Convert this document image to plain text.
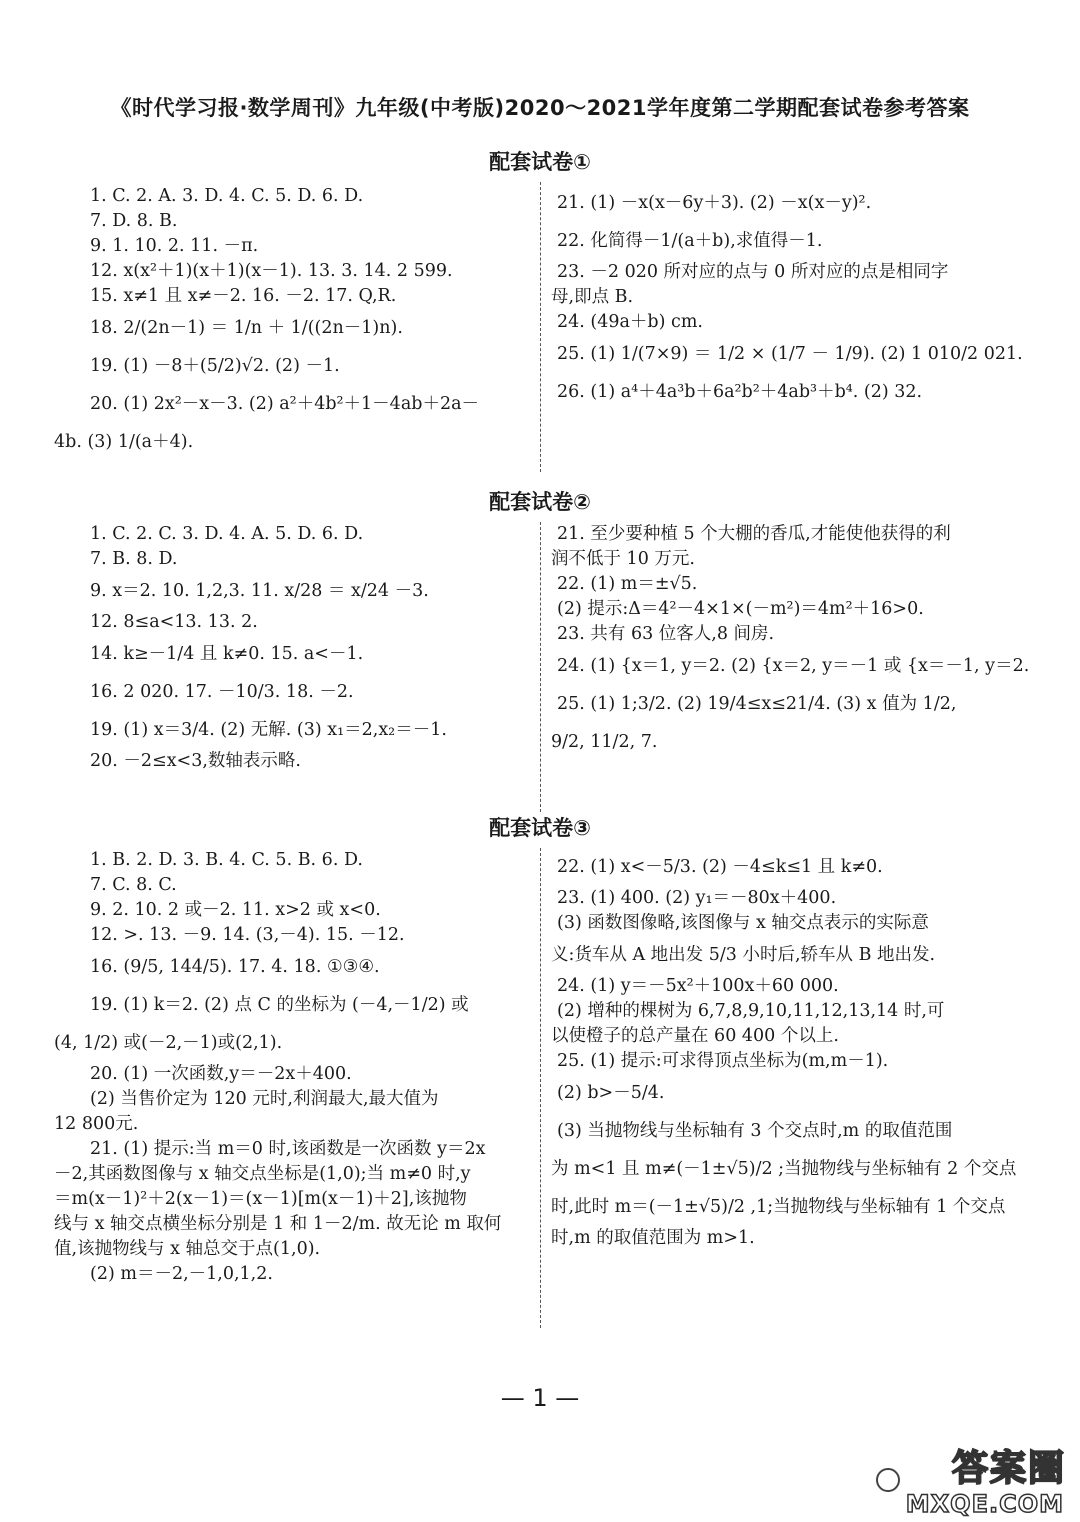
《时代学习报·数学周刊》九年级(中考版)2020～2021学年度第二学期配套试卷参考答案
配套试卷①

1. C. 2. A. 3. D. 4. C. 5. D. 6. D.

7. D. 8. B.

9. 1. 10. 2. 11. －π.

12. x(x²＋1)(x＋1)(x－1). 13. 3. 14. 2 599.

15. x≠1 且 x≠－2. 16. －2. 17. Q,R.

18. 2/(2n－1) ＝ 1/n ＋ 1/((2n－1)n).

19. (1) －8＋(5/2)√2. (2) －1.

20. (1) 2x²－x－3. (2) a²＋4b²＋1－4ab＋2a－

4b. (3) 1/(a＋4).

21. (1) －x(x－6y＋3). (2) －x(x－y)².

22. 化简得－1/(a＋b),求值得－1.

23. －2 020 所对应的点与 0 所对应的点是相同字

母,即点 B.

24. (49a＋b) cm.

25. (1) 1/(7×9) ＝ 1/2 × (1/7 － 1/9). (2) 1 010/2 021.

26. (1) a⁴＋4a³b＋6a²b²＋4ab³＋b⁴. (2) 32.

配套试卷②

1. C. 2. C. 3. D. 4. A. 5. D. 6. D.

7. B. 8. D.

9. x＝2. 10. 1,2,3. 11. x/28 ＝ x/24 －3.

12. 8≤a<13. 13. 2.

14. k≥－1/4 且 k≠0. 15. a<－1.

16. 2 020. 17. －10/3. 18. －2.

19. (1) x＝3/4. (2) 无解. (3) x₁＝2,x₂＝－1.

20. －2≤x<3,数轴表示略.

21. 至少要种植 5 个大棚的香瓜,才能使他获得的利

润不低于 10 万元.

22. (1) m＝±√5.

(2) 提示:Δ＝4²－4×1×(－m²)＝4m²＋16>0.

23. 共有 63 位客人,8 间房.

24. (1) {x＝1, y＝2. (2) {x＝2, y＝－1 或 {x＝－1, y＝2.

25. (1) 1;3/2. (2) 19/4≤x≤21/4. (3) x 值为 1/2,

9/2, 11/2, 7.

配套试卷③

1. B. 2. D. 3. B. 4. C. 5. B. 6. D.

7. C. 8. C.

9. 2. 10. 2 或－2. 11. x>2 或 x<0.

12. >. 13. －9. 14. (3,－4). 15. －12.

16. (9/5, 144/5). 17. 4. 18. ①③④.

19. (1) k＝2. (2) 点 C 的坐标为 (－4,－1/2) 或

(4, 1/2) 或(－2,－1)或(2,1).

20. (1) 一次函数,y＝－2x＋400.

(2) 当售价定为 120 元时,利润最大,最大值为

12 800元.

21. (1) 提示:当 m＝0 时,该函数是一次函数 y＝2x

－2,其函数图像与 x 轴交点坐标是(1,0);当 m≠0 时,y

＝m(x－1)²＋2(x－1)＝(x－1)[m(x－1)＋2],该抛物

线与 x 轴交点横坐标分别是 1 和 1－2/m. 故无论 m 取何

值,该抛物线与 x 轴总交于点(1,0).

(2) m＝－2,－1,0,1,2.

22. (1) x<－5/3. (2) －4≤k≤1 且 k≠0.

23. (1) 400. (2) y₁＝－80x＋400.

(3) 函数图像略,该图像与 x 轴交点表示的实际意

义:货车从 A 地出发 5/3 小时后,轿车从 B 地出发.

24. (1) y＝－5x²＋100x＋60 000.

(2) 增种的棵树为 6,7,8,9,10,11,12,13,14 时,可

以使橙子的总产量在 60 400 个以上.

25. (1) 提示:可求得顶点坐标为(m,m－1).

(2) b>－5/4.

(3) 当抛物线与坐标轴有 3 个交点时,m 的取值范围

为 m<1 且 m≠(－1±√5)/2 ;当抛物线与坐标轴有 2 个交点

时,此时 m＝(－1±√5)/2 ,1;当抛物线与坐标轴有 1 个交点

时,m 的取值范围为 m>1.

— 1 —
答案圈
MXQE.COM
